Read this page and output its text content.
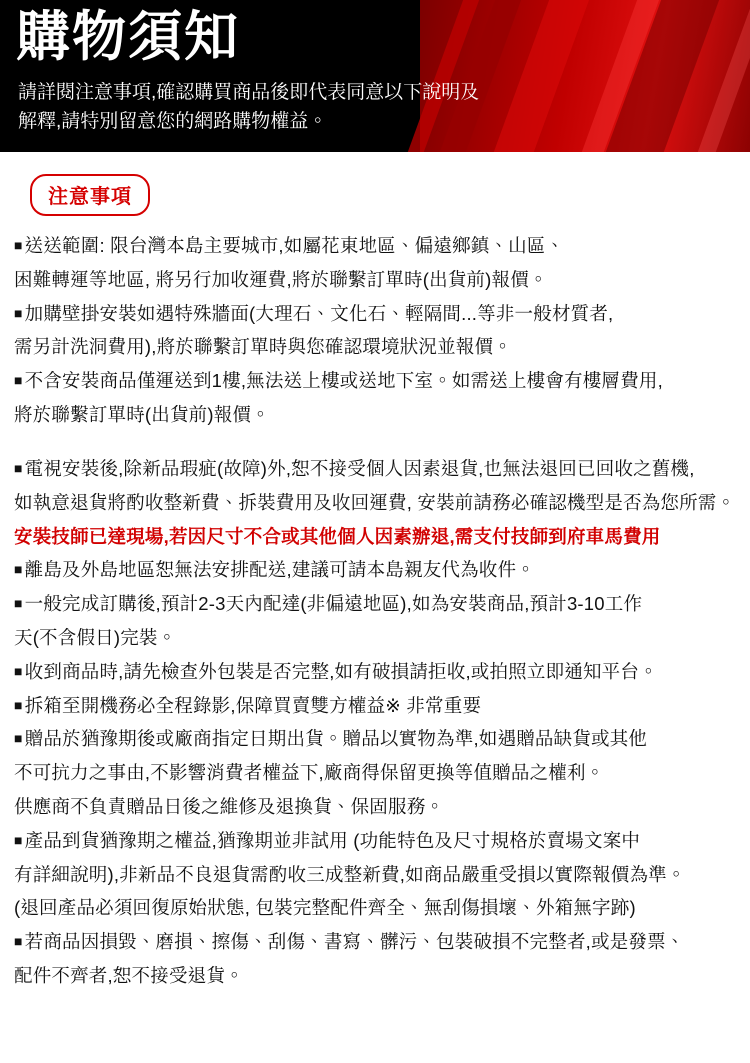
購物須知
請詳閱注意事項,確認購買商品後即代表同意以下說明及
解釋,請特別留意您的網路購物權益。
注意事項
■ 送送範圍: 限台灣本島主要城市,如屬花東地區、偏遠鄉鎮、山區、
困難轉運等地區, 將另行加收運費,將於聯繫訂單時(出貨前)報價。
■ 加購壁掛安裝如遇特殊牆面(大理石、文化石、輕隔間...等非一般材質者,
需另計洗洞費用),將於聯繫訂單時與您確認環境狀況並報價。
■ 不含安裝商品僅運送到1樓,無法送上樓或送地下室。如需送上樓會有樓層費用,
將於聯繫訂單時(出貨前)報價。
■ 電視安裝後,除新品瑕疵(故障)外,恕不接受個人因素退貨,也無法退回已回收之舊機,
如執意退貨將酌收整新費、拆裝費用及收回運費, 安裝前請務必確認機型是否為您所需。
安裝技師已達現場,若因尺寸不合或其他個人因素辦退,需支付技師到府車馬費用
■ 離島及外島地區恕無法安排配送,建議可請本島親友代為收件。
■ 一般完成訂購後,預計2-3天內配達(非偏遠地區),如為安裝商品,預計3-10工作
天(不含假日)完裝。
■ 收到商品時,請先檢查外包裝是否完整,如有破損請拒收,或拍照立即通知平台。
■ 拆箱至開機務必全程錄影,保障買賣雙方權益※ 非常重要
■ 贈品於猶豫期後或廠商指定日期出貨。贈品以實物為準,如遇贈品缺貨或其他
不可抗力之事由,不影響消費者權益下,廠商得保留更換等值贈品之權利。
供應商不負責贈品日後之維修及退換貨、保固服務。
■ 產品到貨猶豫期之權益,猶豫期並非試用 (功能特色及尺寸規格於賣場文案中
有詳細說明),非新品不良退貨需酌收三成整新費,如商品嚴重受損以實際報價為準。
(退回產品必須回復原始狀態, 包裝完整配件齊全、無刮傷損壞、外箱無字跡)
■ 若商品因損毀、磨損、擦傷、刮傷、書寫、髒污、包裝破損不完整者,或是發票、
配件不齊者,恕不接受退貨。
